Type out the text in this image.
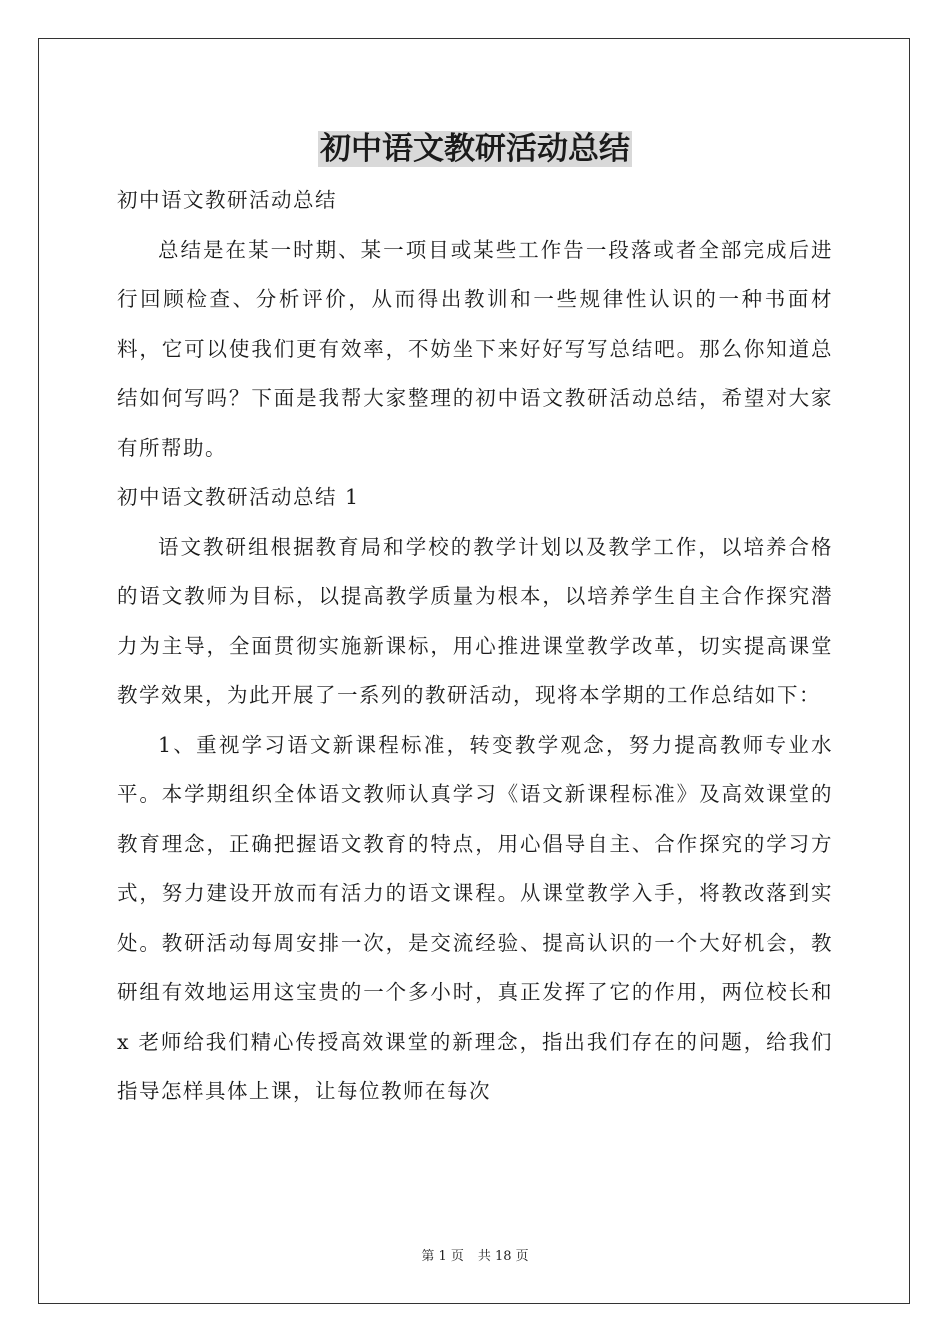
初中语文教研活动总结

初中语文教研活动总结

总结是在某一时期、某一项目或某些工作告一段落或者全部完成后进行回顾检查、分析评价，从而得出教训和一些规律性认识的一种书面材料，它可以使我们更有效率，不妨坐下来好好写写总结吧。那么你知道总结如何写吗？下面是我帮大家整理的初中语文教研活动总结，希望对大家有所帮助。

初中语文教研活动总结 1

语文教研组根据教育局和学校的教学计划以及教学工作，以培养合格的语文教师为目标，以提高教学质量为根本，以培养学生自主合作探究潜力为主导，全面贯彻实施新课标，用心推进课堂教学改革，切实提高课堂教学效果，为此开展了一系列的教研活动，现将本学期的工作总结如下：

1、重视学习语文新课程标准，转变教学观念，努力提高教师专业水平。本学期组织全体语文教师认真学习《语文新课程标准》及高效课堂的教育理念，正确把握语文教育的特点，用心倡导自主、合作探究的学习方式，努力建设开放而有活力的语文课程。从课堂教学入手，将教改落到实处。教研活动每周安排一次，是交流经验、提高认识的一个大好机会，教研组有效地运用这宝贵的一个多小时，真正发挥了它的作用，两位校长和 x 老师给我们精心传授高效课堂的新理念，指出我们存在的问题，给我们指导怎样具体上课，让每位教师在每次

第 1 页 共 18 页
